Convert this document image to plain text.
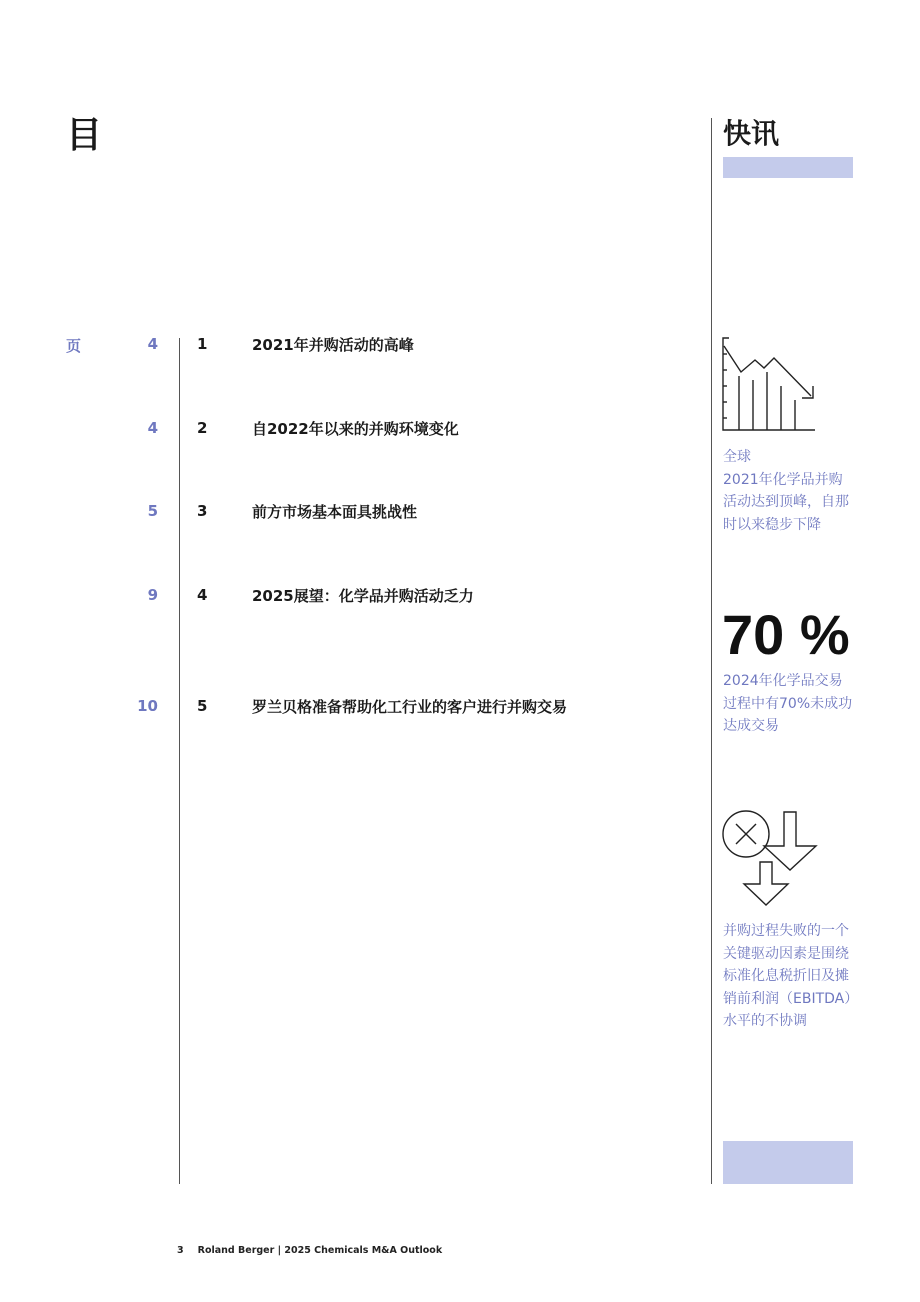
目
页	4	1	2021年并购活动的高峰
4	2	自2022年以来的并购环境变化
5	3	前方市场基本面具挑战性
9	4	2025展望：化学品并购活动乏力
10	5	罗兰贝格准备帮助化工行业的客户进行并购交易
快讯
全球
2021年化学品并购活动达到顶峰，自那时以来稳步下降
70 %
2024年化学品交易过程中有70%未成功达成交易
并购过程失败的一个关键驱动因素是围绕标准化息税折旧及摊销前利润（EBITDA）水平的不协调
3 Roland Berger | 2025 Chemicals M&A Outlook
